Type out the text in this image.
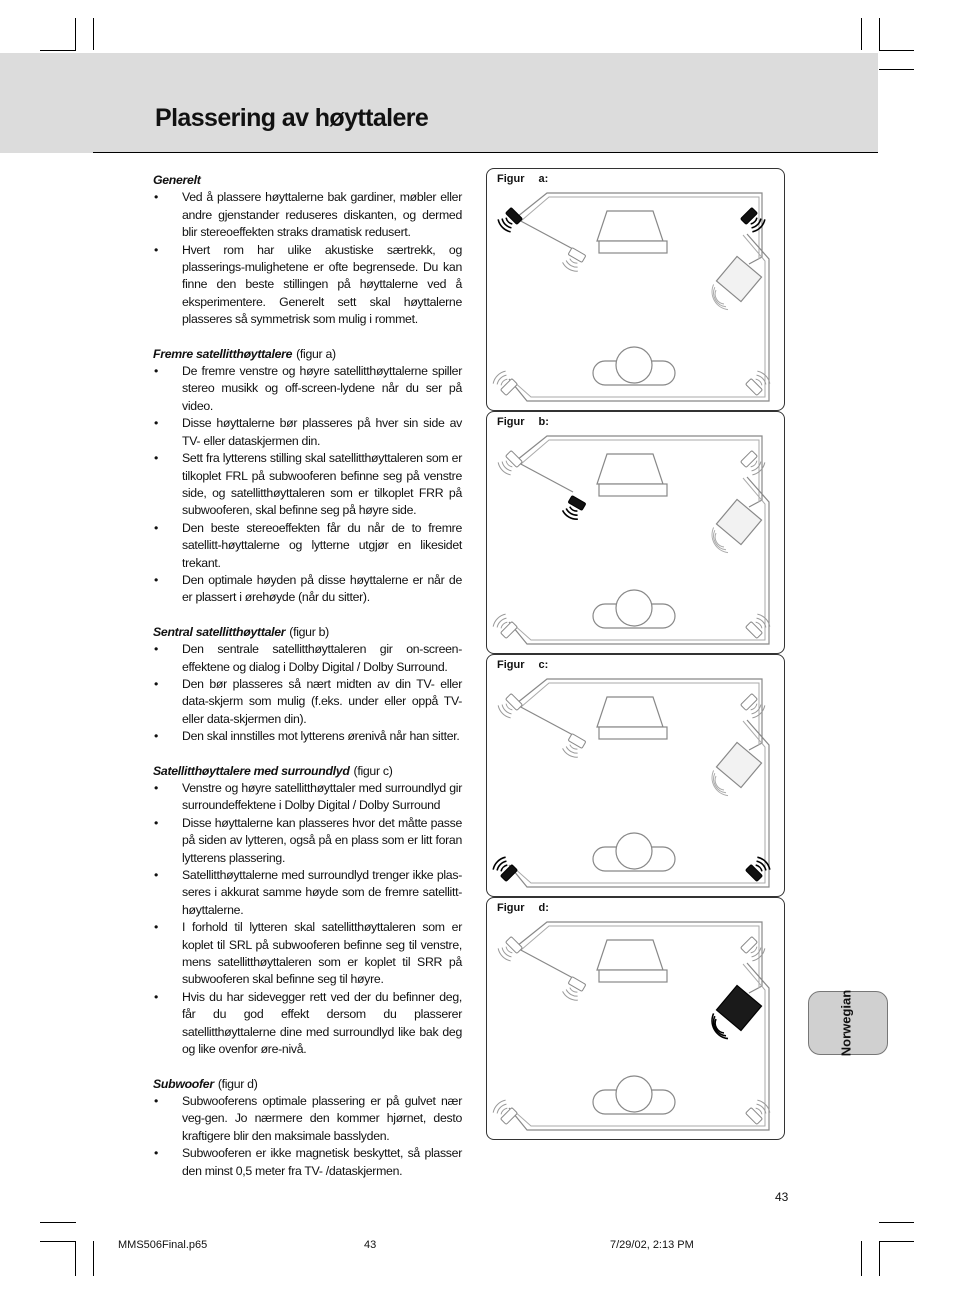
Plassering av høyttalere

Generelt

• Ved å plassere høyttalerne bak gardiner, møbler eller andre gjenstander reduseres diskanten, og dermed blir stereoeffekten straks dramatisk redusert.
• Hvert rom har ulike akustiske særtrekk, og plasserings-mulighetene er ofte begrensede. Du kan finne den beste stillingen på høyttalerne ved å eksperimentere. Generelt sett skal høyttalerne plasseres så symmetrisk som mulig i rommet.

Fremre satellitthøyttalere (figur a)

• De fremre venstre og høyre satellitthøyttalerne spiller stereo musikk og off-screen-lydene når du ser på video.
• Disse høyttalerne bør plasseres på hver sin side av TV- eller dataskjermen din.
• Sett fra lytterens stilling skal satellitthøyttaleren som er tilkoplet FRL på subwooferen befinne seg på venstre side, og satellitthøyttaleren som er tilkoplet FRR på subwooferen, skal befinne seg på høyre side.
• Den beste stereoeffekten får du når de to fremre satellitt-høyttalerne og lytterne utgjør en likesidet trekant.
• Den optimale høyden på disse høyttalerne er når de er plassert i ørehøyde (når du sitter).

Sentral satellitthøyttaler (figur b)

• Den sentrale satellitthøyttaleren gir on-screen-effektene og dialog i Dolby Digital / Dolby Surround.
• Den bør plasseres så nært midten av din TV- eller data-skjerm som mulig (f.eks. under eller oppå TV- eller data-skjermen din).
• Den skal innstilles mot lytterens ørenivå når han sitter.

Satellitthøyttalere med surroundlyd (figur c)

• Venstre og høyre satellitthøyttaler med surroundlyd gir surroundeffektene i Dolby Digital / Dolby Surround
• Disse høyttalerne kan plasseres hvor det måtte passe på siden av lytteren, også på en plass som er litt foran lytterens plassering.
• Satellitthøyttalerne med surroundlyd trenger ikke plas-seres i akkurat samme høyde som de fremre satellitt-høyttalerne.
• I forhold til lytteren skal satellitthøyttaleren som er koplet til SRL på subwooferen befinne seg til venstre, mens satellitthøyttaleren som er koplet til SRR på subwooferen skal befinne seg til høyre.
• Hvis du har sidevegger rett ved der du befinner deg, får du god effekt dersom du plasserer satellitthøyttalerne dine med surroundlyd like bak deg og like ovenfor øre-nivå.

Subwoofer (figur d)

• Subwooferens optimale plassering er på gulvet nær veg-gen. Jo nærmere den kommer hjørnet, desto kraftigere blir den maksimale basslyden.
• Subwooferen er ikke magnetisk beskyttet, så plasser den minst 0,5 meter fra TV- /dataskjermen.
Figur a:
Figur b:
Figur c:
Figur d:
Norwegian
43
MMS506Final.p65	43	7/29/02, 2:13 PM
